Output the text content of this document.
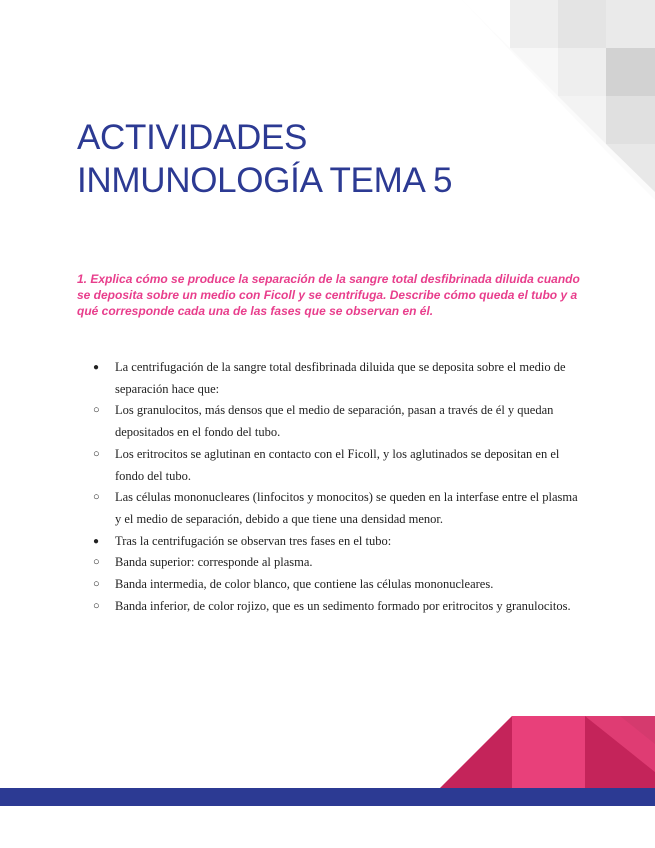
ACTIVIDADES
INMUNOLOGÍA TEMA 5

1. Explica cómo se produce la separación de la sangre total desfibrinada diluida cuando se deposita sobre un medio con Ficoll y se centrifuga. Describe cómo queda el tubo y a qué corresponde cada una de las fases que se observan en él.

● La centrifugación de la sangre total desfibrinada diluida que se deposita sobre el medio de separación hace que:
○ Los granulocitos, más densos que el medio de separación, pasan a través de él y quedan depositados en el fondo del tubo.
○ Los eritrocitos se aglutinan en contacto con el Ficoll, y los aglutinados se depositan en el fondo del tubo.
○ Las células mononucleares (linfocitos y monocitos) se queden en la interfase entre el plasma y el medio de separación, debido a que tiene una densidad menor.
● Tras la centrifugación se observan tres fases en el tubo:
○ Banda superior: corresponde al plasma.
○ Banda intermedia, de color blanco, que contiene las células mononucleares.
○ Banda inferior, de color rojizo, que es un sedimento formado por eritrocitos y granulocitos.
